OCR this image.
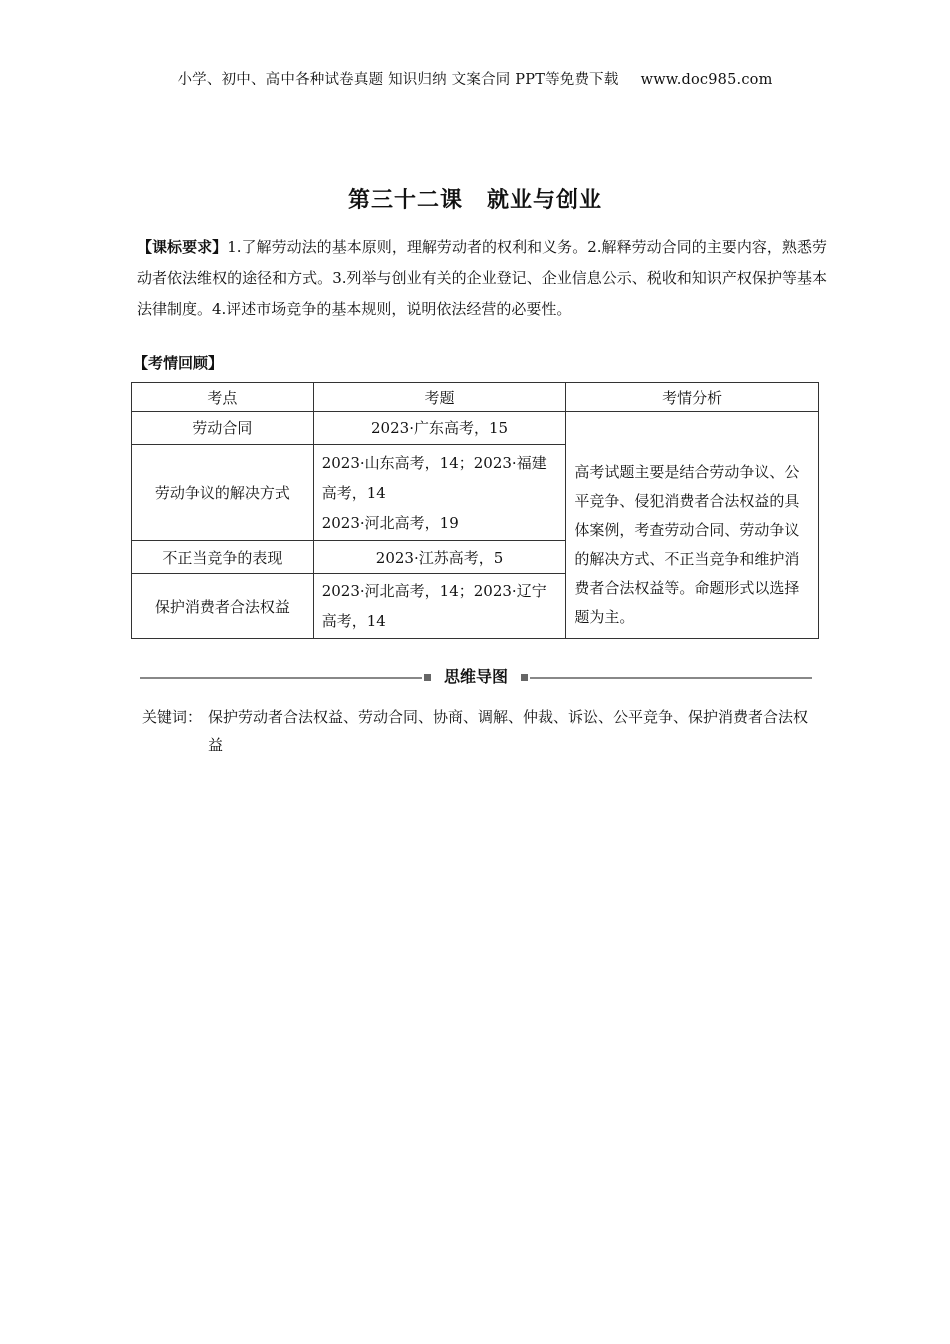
小学、初中、高中各种试卷真题 知识归纳 文案合同 PPT等免费下载 www.doc985.com
第三十二课 就业与创业
【课标要求】1.了解劳动法的基本原则，理解劳动者的权利和义务。2.解释劳动合同的主要内容，熟悉劳动者依法维权的途径和方式。3.列举与创业有关的企业登记、企业信息公示、税收和知识产权保护等基本法律制度。4.评述市场竞争的基本规则，说明依法经营的必要性。
【考情回顾】
考点	考题	考情分析
劳动合同	2023·广东高考，15	高考试题主要是结合劳动争议、公平竞争、侵犯消费者合法权益的具体案例，考查劳动合同、劳动争议的解决方式、不正当竞争和维护消费者合法权益等。命题形式以选择题为主。

劳动争议的解决方式	2023·山东高考，14；2023·福建高考，14
2023·河北高考，19	

不正当竞争的表现	2023·江苏高考，5	
保护消费者合法权益	2023·河北高考，14；2023·辽宁高考，14	
思维导图
关键词： 保护劳动者合法权益、劳动合同、协商、调解、仲裁、诉讼、公平竞争、保护消费者合法权益
